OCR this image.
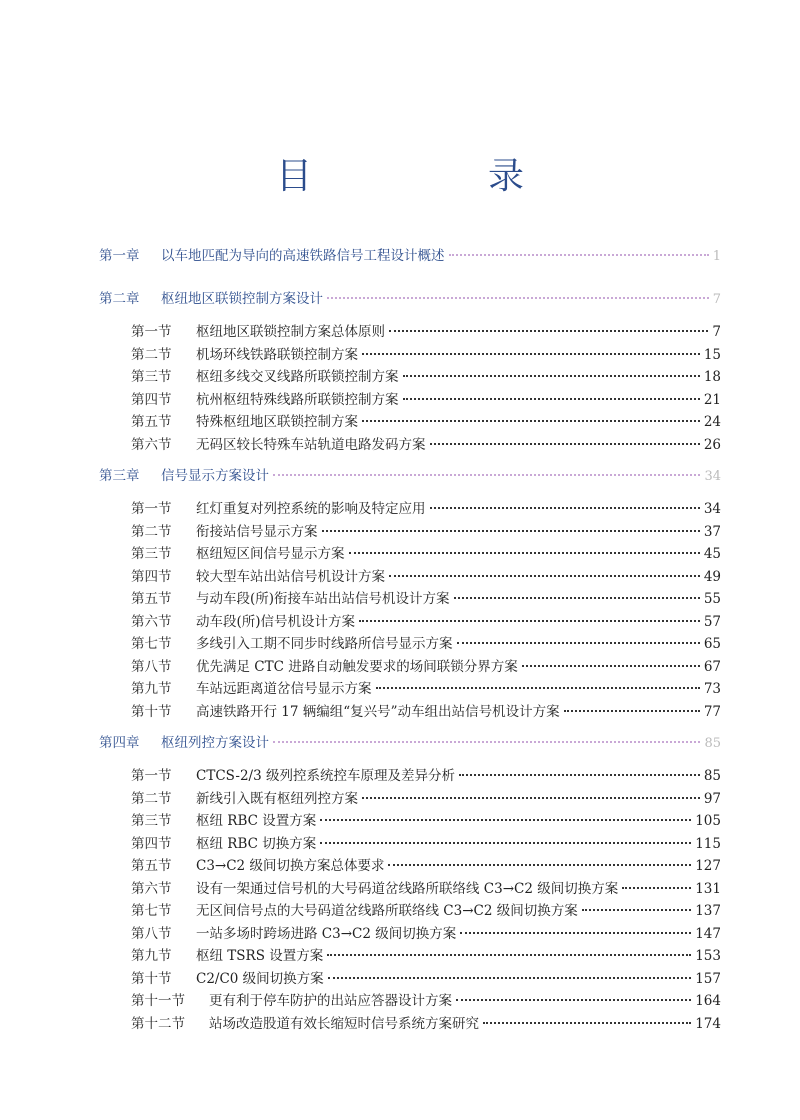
目　录
第一章	以车地匹配为导向的高速铁路信号工程设计概述	1
第二章	枢纽地区联锁控制方案设计	7
第一节	枢纽地区联锁控制方案总体原则	7
第二节	机场环线铁路联锁控制方案	15
第三节	枢纽多线交叉线路所联锁控制方案	18
第四节	杭州枢纽特殊线路所联锁控制方案	21
第五节	特殊枢纽地区联锁控制方案	24
第六节	无码区较长特殊车站轨道电路发码方案	26
第三章	信号显示方案设计	34
第一节	红灯重复对列控系统的影响及特定应用	34
第二节	衔接站信号显示方案	37
第三节	枢纽短区间信号显示方案	45
第四节	较大型车站出站信号机设计方案	49
第五节	与动车段(所)衔接车站出站信号机设计方案	55
第六节	动车段(所)信号机设计方案	57
第七节	多线引入工期不同步时线路所信号显示方案	65
第八节	优先满足 CTC 进路自动触发要求的场间联锁分界方案	67
第九节	车站远距离道岔信号显示方案	73
第十节	高速铁路开行 17 辆编组“复兴号”动车组出站信号机设计方案	77
第四章	枢纽列控方案设计	85
第一节	CTCS-2/3 级列控系统控车原理及差异分析	85
第二节	新线引入既有枢纽列控方案	97
第三节	枢纽 RBC 设置方案	105
第四节	枢纽 RBC 切换方案	115
第五节	C3→C2 级间切换方案总体要求	127
第六节	设有一架通过信号机的大号码道岔线路所联络线 C3→C2 级间切换方案	131
第七节	无区间信号点的大号码道岔线路所联络线 C3→C2 级间切换方案	137
第八节	一站多场时跨场进路 C3→C2 级间切换方案	147
第九节	枢纽 TSRS 设置方案	153
第十节	C2/C0 级间切换方案	157
第十一节	更有利于停车防护的出站应答器设计方案	164
第十二节	站场改造股道有效长缩短时信号系统方案研究	174
